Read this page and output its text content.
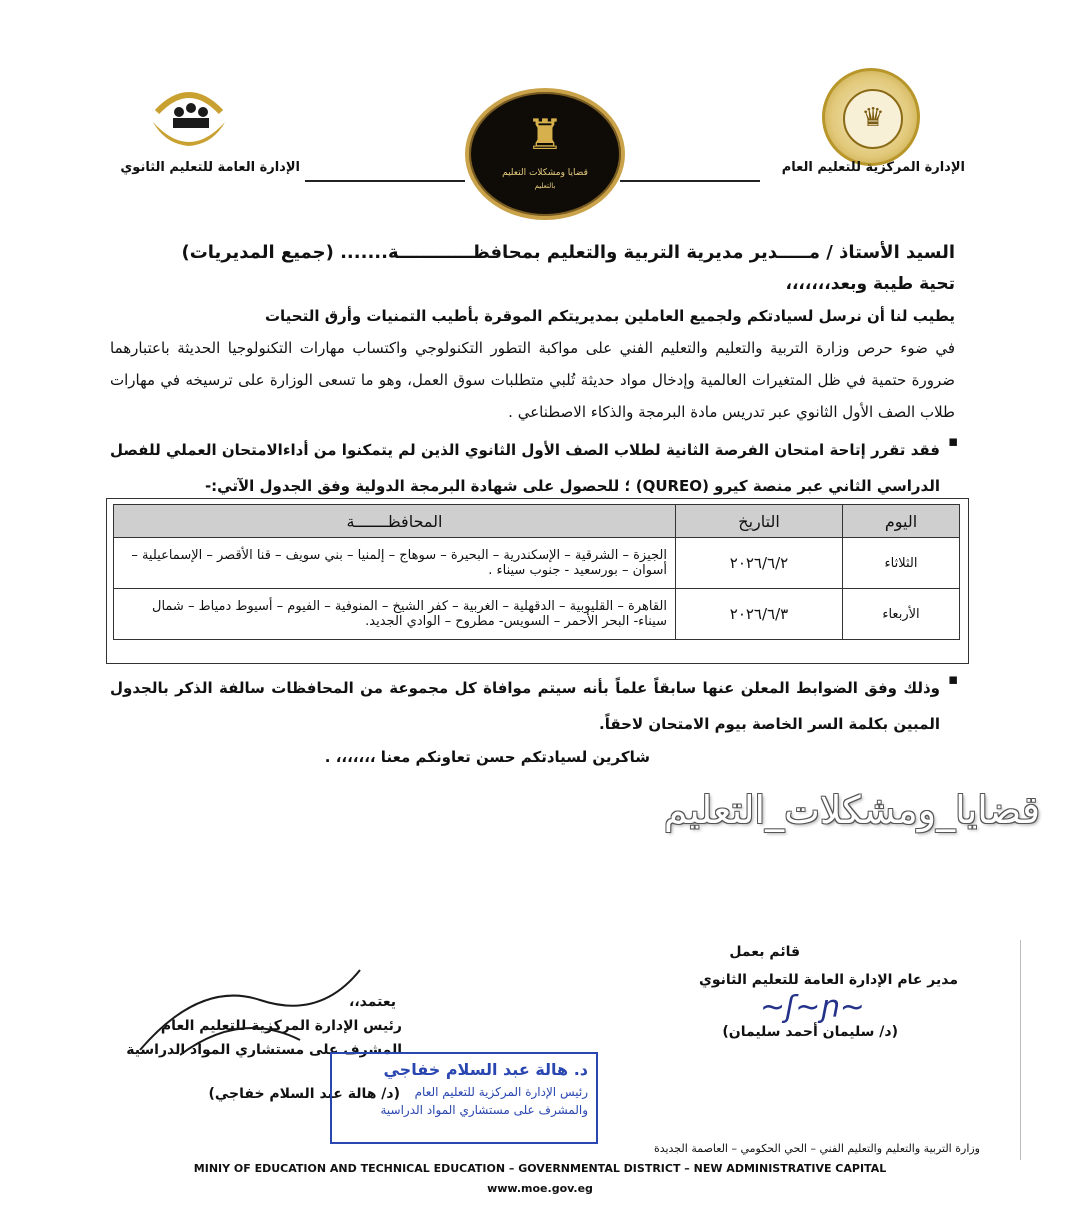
♛
♜
قضايا ومشكلات التعليم
بالتعليم
الإدارة المركزية للتعليم العام
الإدارة العامة للتعليم الثانوي
السيد الأستاذ / مـــــدير مديرية التربية والتعليم بمحافظــــــــــــة....... (جميع المديريات)
تحية طيبة وبعد،،،،،،،
يطيب لنا أن نرسل لسيادتكم ولجميع العاملين بمديريتكم الموقرة بأطيب التمنيات وأرق التحيات
في ضوء حرص وزارة التربية والتعليم والتعليم الفني على مواكبة التطور التكنولوجي واكتساب مهارات التكنولوجيا الحديثة باعتبارهما ضرورة حتمية في ظل المتغيرات العالمية وإدخال مواد حديثة تُلبي متطلبات سوق العمل، وهو ما تسعى الوزارة على ترسيخه في مهارات طلاب الصف الأول الثانوي عبر تدريس مادة البرمجة والذكاء الاصطناعي .
فقد تقرر إتاحة امتحان الفرصة الثانية لطلاب الصف الأول الثانوي الذين لم يتمكنوا من أداءالامتحان العملي للفصل الدراسي الثاني عبر منصة كيرو (QUREO) ؛ للحصول على شهادة البرمجة الدولية وفق الجدول الآتي:-
▪
اليوم	التاريخ	المحافظـــــــة
الثلاثاء	٢٠٢٦/٦/٢	الجيزة – الشرقية – الإسكندرية – البحيرة – سوهاج – إلمنيا – بني سويف – قنا الأقصر – الإسماعيلية – أسوان – بورسعيد - جنوب سيناء .
الأربعاء	٢٠٢٦/٦/٣	القاهرة – القليوبية – الدقهلية – الغربية – كفر الشيخ – المنوفية – الفيوم – أسيوط دمياط – شمال سيناء- البحر الأحمر – السويس- مطروح – الوادي الجديد.
وذلك وفق الضوابط المعلن عنها سابقاً علماً بأنه سيتم موافاة كل مجموعة من المحافظات سالفة الذكر بالجدول المبين بكلمة السر الخاصة بيوم الامتحان لاحقاً.
▪
شاكرين لسيادتكم حسن تعاونكم معنا ،،،،،،، .
قضايا_ومشكلات_التعليم
قائم بعمل
مدير عام الإدارة العامة للتعليم الثانوي
~ʃ~ɲ~
(د/ سليمان أحمد سليمان)
يعتمد،،
رئيس الإدارة المركزية للتعليم العام
المشرف على مستشاري المواد الدراسية
(د/ هالة عبد السلام خفاجي)
د. هالة عبد السلام خفاجي
رئيس الإدارة المركزية للتعليم العام
والمشرف على مستشاري المواد الدراسية
وزارة التربية والتعليم والتعليم الفني – الحي الحكومي – العاصمة الجديدة
MINIY OF EDUCATION AND TECHNICAL EDUCATION – GOVERNMENTAL DISTRICT – NEW ADMINISTRATIVE CAPITAL
www.moe.gov.eg
